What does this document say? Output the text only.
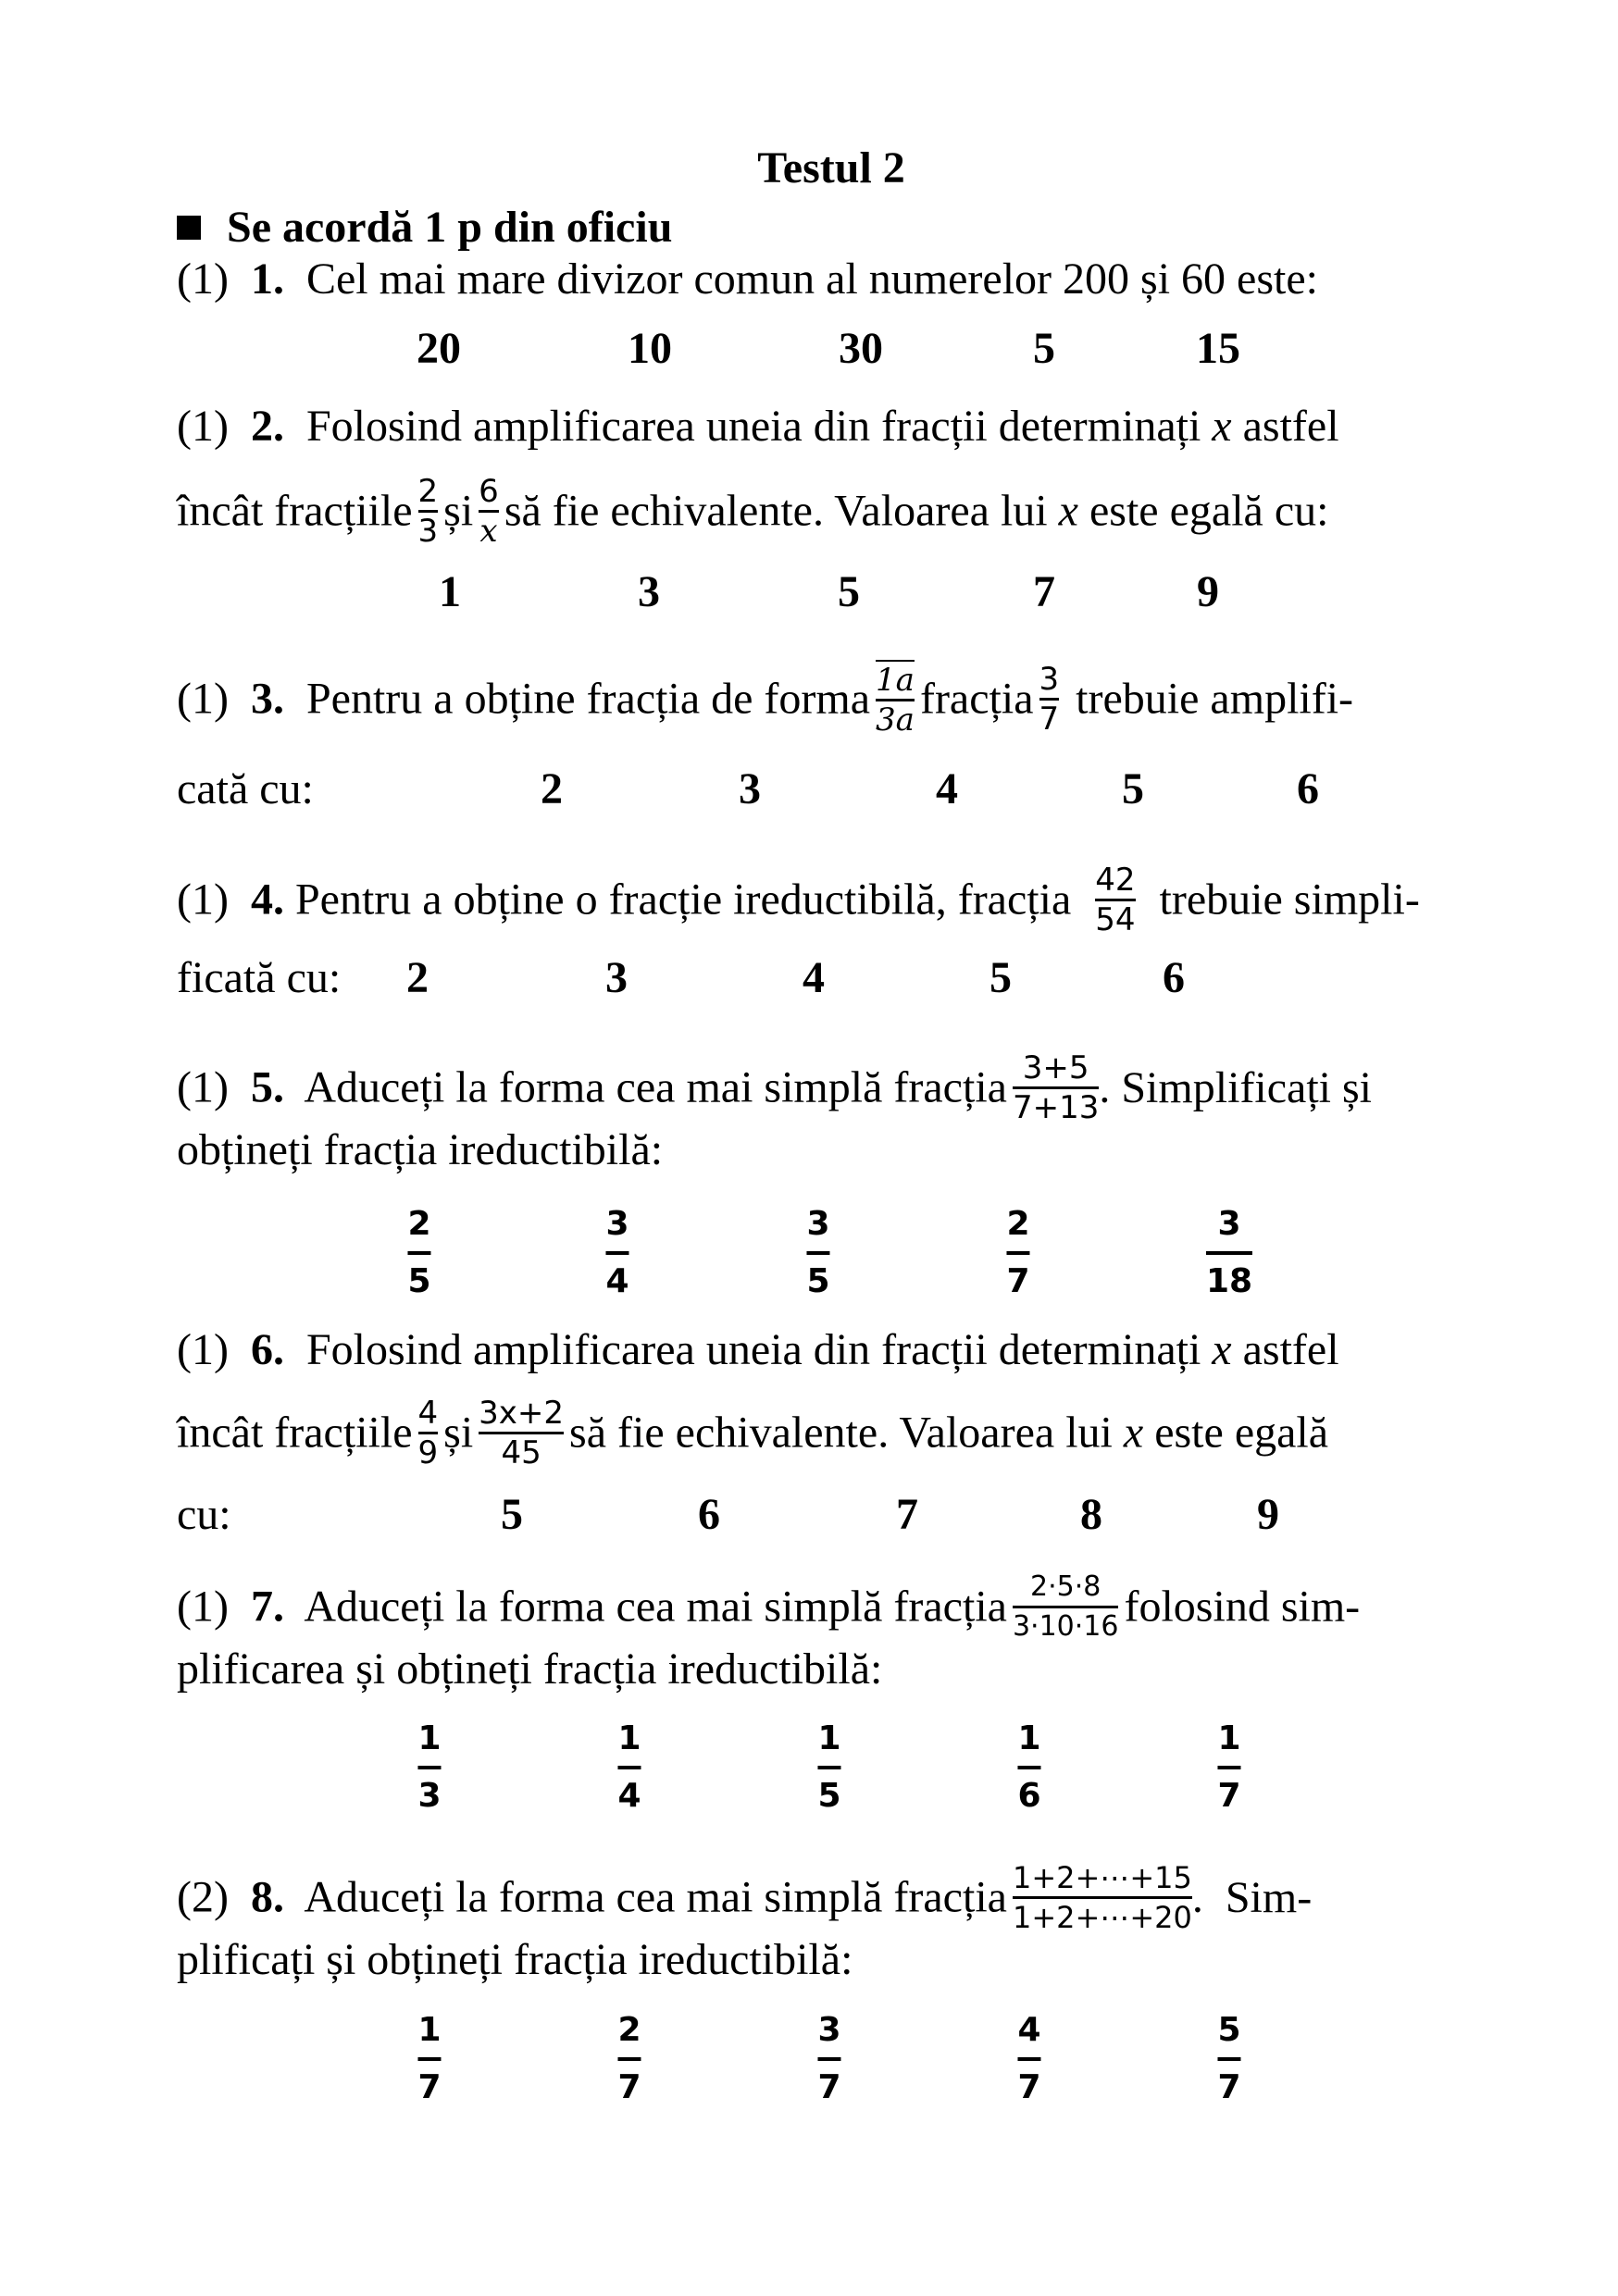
Testul 2
Se acordă 1 p din oficiu
(1) 1. Cel mai mare divizor comun al numerelor 200 și 60 este:
20	10	30	5	15
(1) 2. Folosind amplificarea uneia din fracții determinați x astfel
încât fracțiile $\frac{2}{3}$ și $\frac{6}{x}$ să fie echivalente. Valoarea lui x este egală cu:
1	3	5	7	9
(1) 3. Pentru a obține fracția de forma $\frac{1a}{3a}$ fracția $\frac{3}{7}$ trebuie amplifi-
cată cu:	2	3	4	5	6
(1) 4. Pentru a obține o fracție ireductibilă, fracția $\frac{42}{54}$ trebuie simpli-
ficată cu: 2	3	4	5	6
(1) 5. Aduceți la forma cea mai simplă fracția $\frac{3+5}{7+13}$ . Simplificați și
obțineți fracția ireductibilă:
2
5
3
4
3
5
2
7
3
18
(1) 6. Folosind amplificarea uneia din fracții determinați x astfel
încât fracțiile $\frac{4}{9}$ și $\frac{3x+2}{45}$ să fie echivalente. Valoarea lui x este egală
cu:	5	6	7	8	9
(1) 7. Aduceți la forma cea mai simplă fracția $\frac{2\cdot 5\cdot 8}{3\cdot 10\cdot 16}$ folosind sim-
plificarea și obțineți fracția ireductibilă:
1
3
1
4
1
5
1
6
1
7
(2) 8. Aduceți la forma cea mai simplă fracția $\frac{1+2+\cdots+15}{1+2+\cdots+20}$ .  Sim-
plificați și obțineți fracția ireductibilă:
1
7
2
7
3
7
4
7
5
7
